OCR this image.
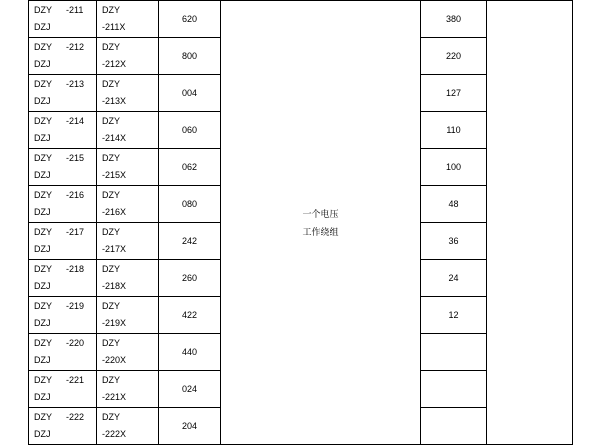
DZY -211
DZJ

DZY
-211X
	620	
一个电压
工作绕组
	380	

DZY -212
DZJ

DZY
-212X
	800	220

DZY -213
DZJ

DZY
-213X
	004	127

DZY -214
DZJ

DZY
-214X
	060	110

DZY -215
DZJ

DZY
-215X
	062	100

DZY -216
DZJ

DZY
-216X
	080	48

DZY -217
DZJ

DZY
-217X
	242	36

DZY -218
DZJ

DZY
-218X
	260	24

DZY -219
DZJ

DZY
-219X
	422	12

DZY -220
DZJ

DZY
-220X
	440	

DZY -221
DZJ

DZY
-221X
	024	

DZY -222
DZJ

DZY
-222X
	204	
